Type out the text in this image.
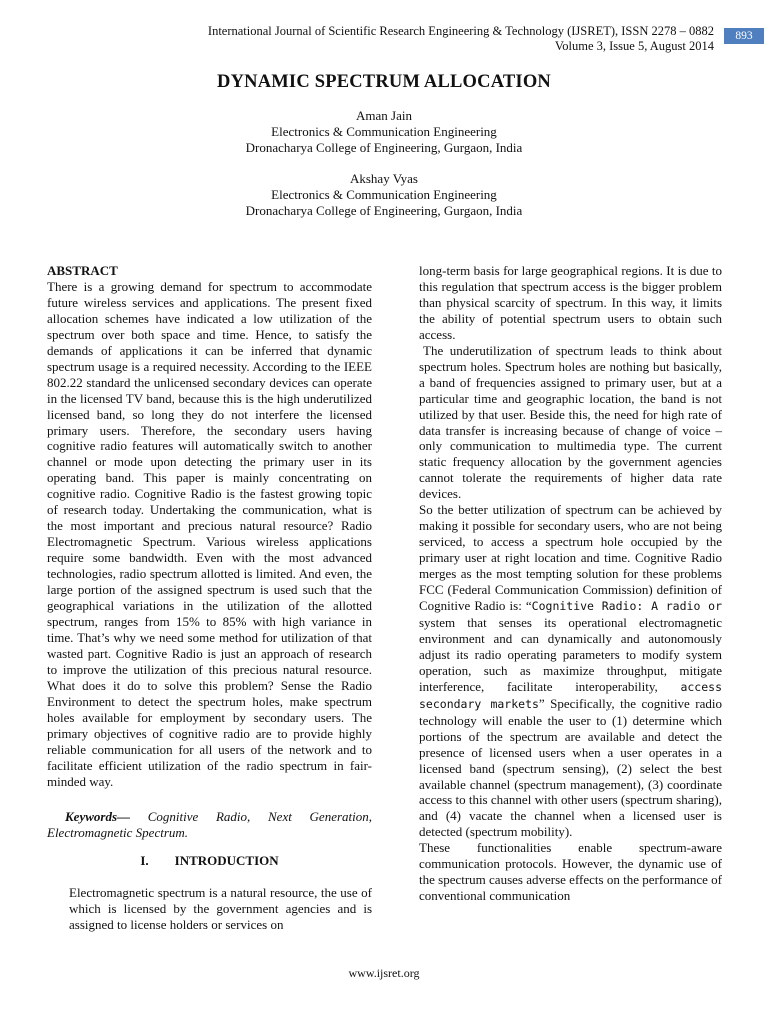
International Journal of Scientific Research Engineering & Technology (IJSRET), ISSN 2278 – 0882
Volume 3, Issue 5, August 2014
893
DYNAMIC SPECTRUM ALLOCATION
Aman Jain
Electronics & Communication Engineering
Dronacharya College of Engineering, Gurgaon, India
Akshay Vyas
Electronics & Communication Engineering
Dronacharya College of Engineering, Gurgaon, India

ABSTRACT

There is a growing demand for spectrum to accommodate future wireless services and applications. The present fixed allocation schemes have indicated a low utilization of the spectrum over both space and time. Hence, to satisfy the demands of applications it can be inferred that dynamic spectrum usage is a required necessity. According to the IEEE 802.22 standard the unlicensed secondary devices can operate in the licensed TV band, because this is the high underutilized licensed band, so long they do not interfere the licensed primary users. Therefore, the secondary users having cognitive radio features will automatically switch to another channel or mode upon detecting the primary user in its operating band. This paper is mainly concentrating on cognitive radio. Cognitive Radio is the fastest growing topic of research today. Undertaking the communication, what is the most important and precious natural resource? Radio Electromagnetic Spectrum. Various wireless applications require some bandwidth. Even with the most advanced technologies, radio spectrum allotted is limited. And even, the large portion of the assigned spectrum is used such that the geographical variations in the utilization of the allotted spectrum, ranges from 15% to 85% with high variance in time. That’s why we need some method for utilization of that wasted part. Cognitive Radio is just an approach of research to improve the utilization of this precious natural resource. What does it do to solve this problem? Sense the Radio Environment to detect the spectrum holes, make spectrum holes available for employment by secondary users. The primary objectives of cognitive radio are to provide highly reliable communication for all users of the network and to facilitate efficient utilization of the radio spectrum in fair- minded way.

Keywords— Cognitive Radio, Next Generation, Electromagnetic Spectrum.

I. INTRODUCTION

Electromagnetic spectrum is a natural resource, the use of which is licensed by the government agencies and is assigned to license holders or services on

long-term basis for large geographical regions. It is due to this regulation that spectrum access is the bigger problem than physical scarcity of spectrum. In this way, it limits the ability of potential spectrum users to obtain such access.

The underutilization of spectrum leads to think about spectrum holes. Spectrum holes are nothing but basically, a band of frequencies assigned to primary user, but at a particular time and geographic location, the band is not utilized by that user. Beside this, the need for high rate of data transfer is increasing because of change of voice – only communication to multimedia type. The current static frequency allocation by the government agencies cannot tolerate the requirements of higher data rate devices.

So the better utilization of spectrum can be achieved by making it possible for secondary users, who are not being serviced, to access a spectrum hole occupied by the primary user at right location and time. Cognitive Radio merges as the most tempting solution for these problems FCC (Federal Communication Commission) definition of Cognitive Radio is: “Cognitive Radio: A radio or system that senses its operational electromagnetic environment and can dynamically and autonomously adjust its radio operating parameters to modify system operation, such as maximize throughput, mitigate interference, facilitate interoperability, access secondary markets” Specifically, the cognitive radio technology will enable the user to (1) determine which portions of the spectrum are available and detect the presence of licensed users when a user operates in a licensed band (spectrum sensing), (2) select the best available channel (spectrum management), (3) coordinate access to this channel with other users (spectrum sharing), and (4) vacate the channel when a licensed user is detected (spectrum mobility).

These functionalities enable spectrum-aware communication protocols. However, the dynamic use of the spectrum causes adverse effects on the performance of conventional communication

www.ijsret.org
